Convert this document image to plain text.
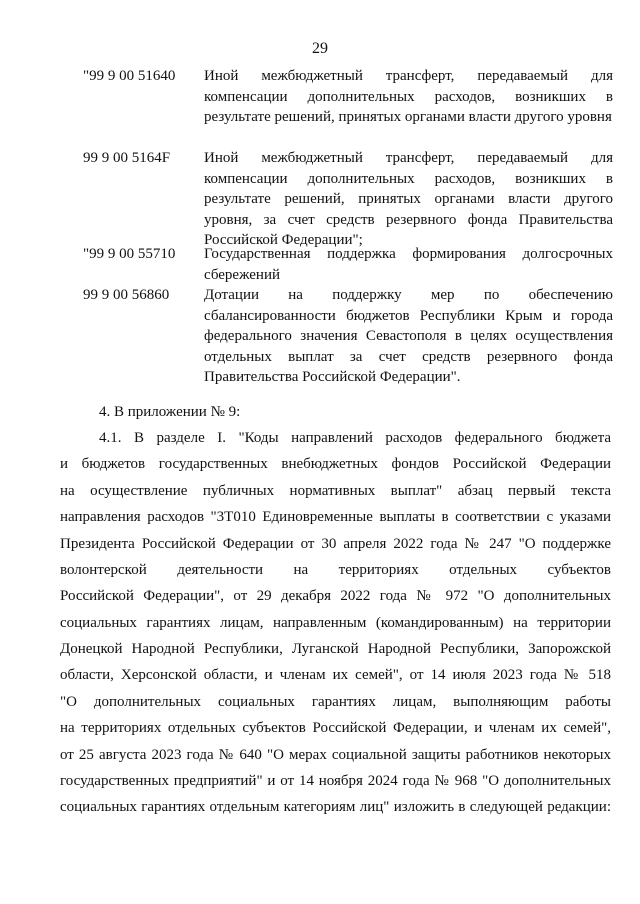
29
"99 9 00 51640 Иной межбюджетный трансферт, передаваемый для компенсации дополнительных расходов, возникших в результате решений, принятых органами власти другого уровня
99 9 00 5164F Иной межбюджетный трансферт, передаваемый для компенсации дополнительных расходов, возникших в результате решений, принятых органами власти другого уровня, за счет средств резервного фонда Правительства Российской Федерации";
"99 9 00 55710 Государственная поддержка формирования долгосрочных сбережений
99 9 00 56860 Дотации на поддержку мер по обеспечению сбалансированности бюджетов Республики Крым и города федерального значения Севастополя в целях осуществления отдельных выплат за счет средств резервного фонда Правительства Российской Федерации".
4. В приложении № 9:
4.1. В разделе I. "Коды направлений расходов федерального бюджета
и бюджетов государственных внебюджетных фондов Российской Федерации
на осуществление публичных нормативных выплат" абзац первый текста
направления расходов "3Т010 Единовременные выплаты в соответствии с указами
Президента Российской Федерации от 30 апреля 2022 года № 247 "О поддержке
волонтерской деятельности на территориях отдельных субъектов
Российской Федерации", от 29 декабря 2022 года № 972 "О дополнительных
социальных гарантиях лицам, направленным (командированным) на территории
Донецкой Народной Республики, Луганской Народной Республики, Запорожской
области, Херсонской области, и членам их семей", от 14 июля 2023 года № 518
"О дополнительных социальных гарантиях лицам, выполняющим работы
на территориях отдельных субъектов Российской Федерации, и членам их семей",
от 25 августа 2023 года № 640 "О мерах социальной защиты работников некоторых
государственных предприятий" и от 14 ноября 2024 года № 968 "О дополнительных
социальных гарантиях отдельным категориям лиц" изложить в следующей редакции:
